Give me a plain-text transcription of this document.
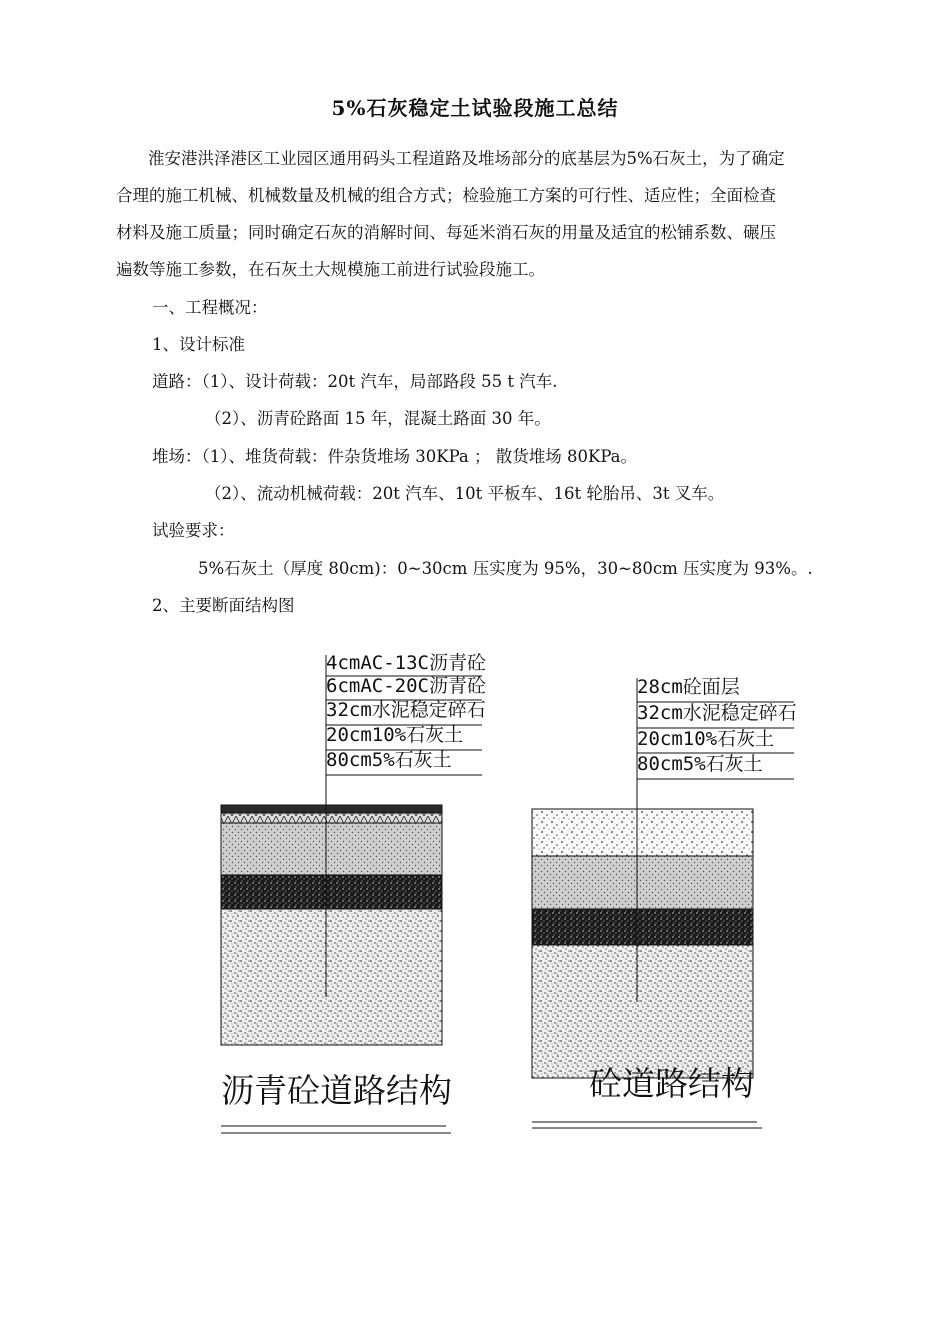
5%石灰稳定土试验段施工总结
淮安港洪泽港区工业园区通用码头工程道路及堆场部分的底基层为5%石灰土，为了确定
合理的施工机械、机械数量及机械的组合方式；检验施工方案的可行性、适应性；全面检查
材料及施工质量；同时确定石灰的消解时间、每延米消石灰的用量及适宜的松铺系数、碾压
遍数等施工参数，在石灰土大规模施工前进行试验段施工。
一、工程概况：
1、设计标准
道路：（1）、设计荷载：20t 汽车，局部路段 55 t 汽车.
（2）、沥青砼路面 15 年，混凝土路面 30 年。
堆场：（1）、堆货荷载：件杂货堆场 30KPa ； 散货堆场 80KPa。
（2）、流动机械荷载：20t 汽车、10t 平板车、16t 轮胎吊、3t 叉车。
试验要求：
5%石灰土（厚度 80cm)：0~30cm 压实度为 95%，30~80cm 压实度为 93%。.
2、主要断面结构图
4cmAC-13C沥青砼
6cmAC-20C沥青砼
32cm水泥稳定碎石
20cm10%石灰土
80cm5%石灰土
沥青砼道路结构
28cm砼面层
32cm水泥稳定碎石
20cm10%石灰土
80cm5%石灰土
砼道路结构
